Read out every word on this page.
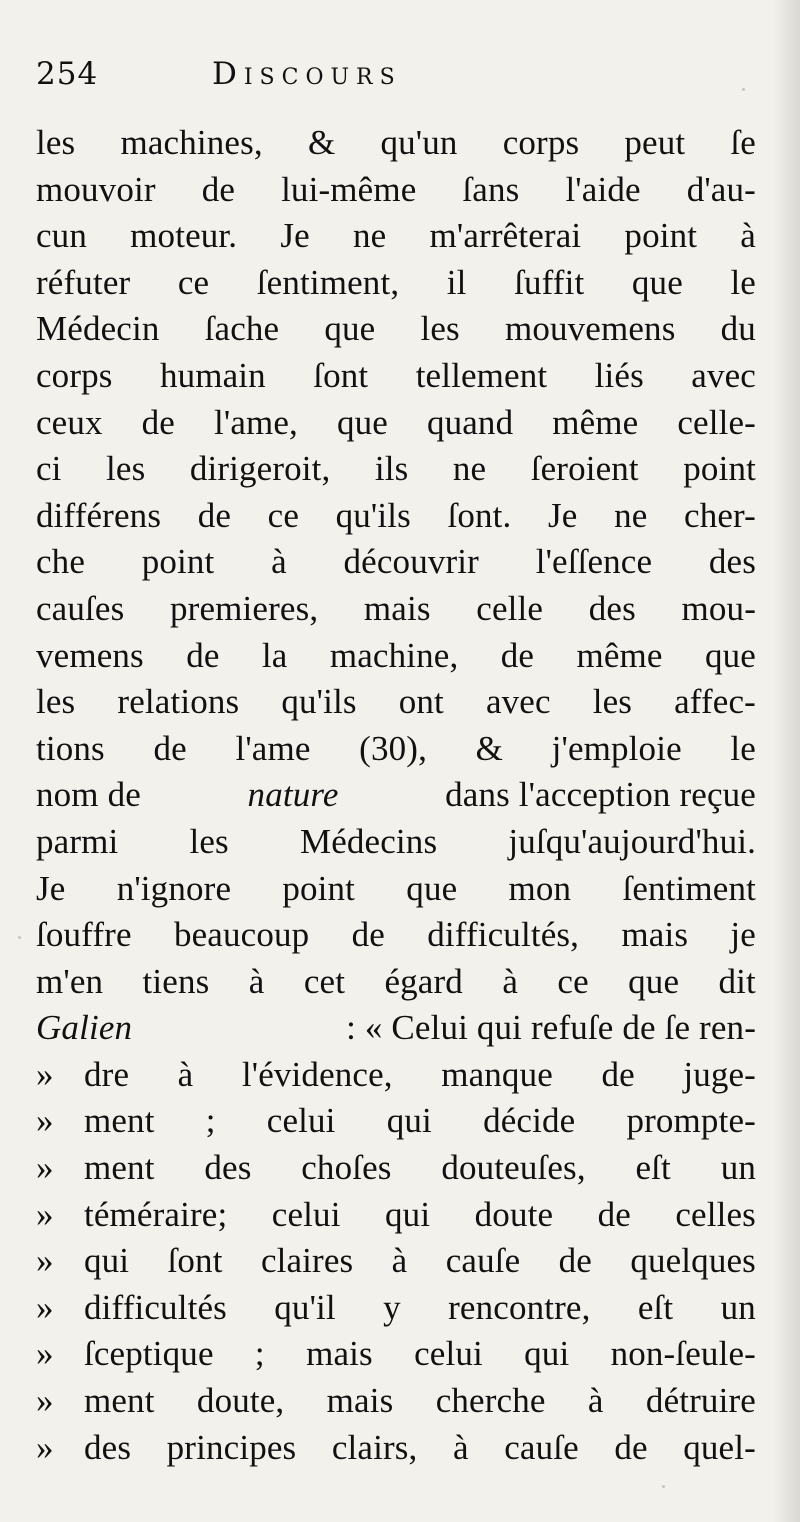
254	Discours
les machines, & qu'un corps peut ſe
mouvoir de lui-même ſans l'aide d'au-
cun moteur. Je ne m'arrêterai point à
réfuter ce ſentiment, il ſuffit que le
Médecin ſache que les mouvemens du
corps humain ſont tellement liés avec
ceux de l'ame, que quand même celle-
ci les dirigeroit, ils ne ſeroient point
différens de ce qu'ils ſont. Je ne cher-
che point à découvrir l'eſſence des
cauſes premieres, mais celle des mou-
vemens de la machine, de même que
les relations qu'ils ont avec les affec-
tions de l'ame (30), & j'emploie le
nom de	nature	dans l'acception reçue
parmi les Médecins juſqu'aujourd'hui.
Je n'ignore point que mon ſentiment
ſouffre beaucoup de difficultés, mais je
m'en tiens à cet égard à ce que dit
Galien	: « Celui qui refuſe de ſe ren-
» dre à l'évidence, manque de juge-
» ment ; celui qui décide prompte-
» ment des choſes douteuſes, eſt un
» téméraire; celui qui doute de celles
» qui ſont claires à cauſe de quelques
» difficultés qu'il y rencontre, eſt un
» ſceptique ; mais celui qui non-ſeule-
» ment doute, mais cherche à détruire
» des principes clairs, à cauſe de quel-
